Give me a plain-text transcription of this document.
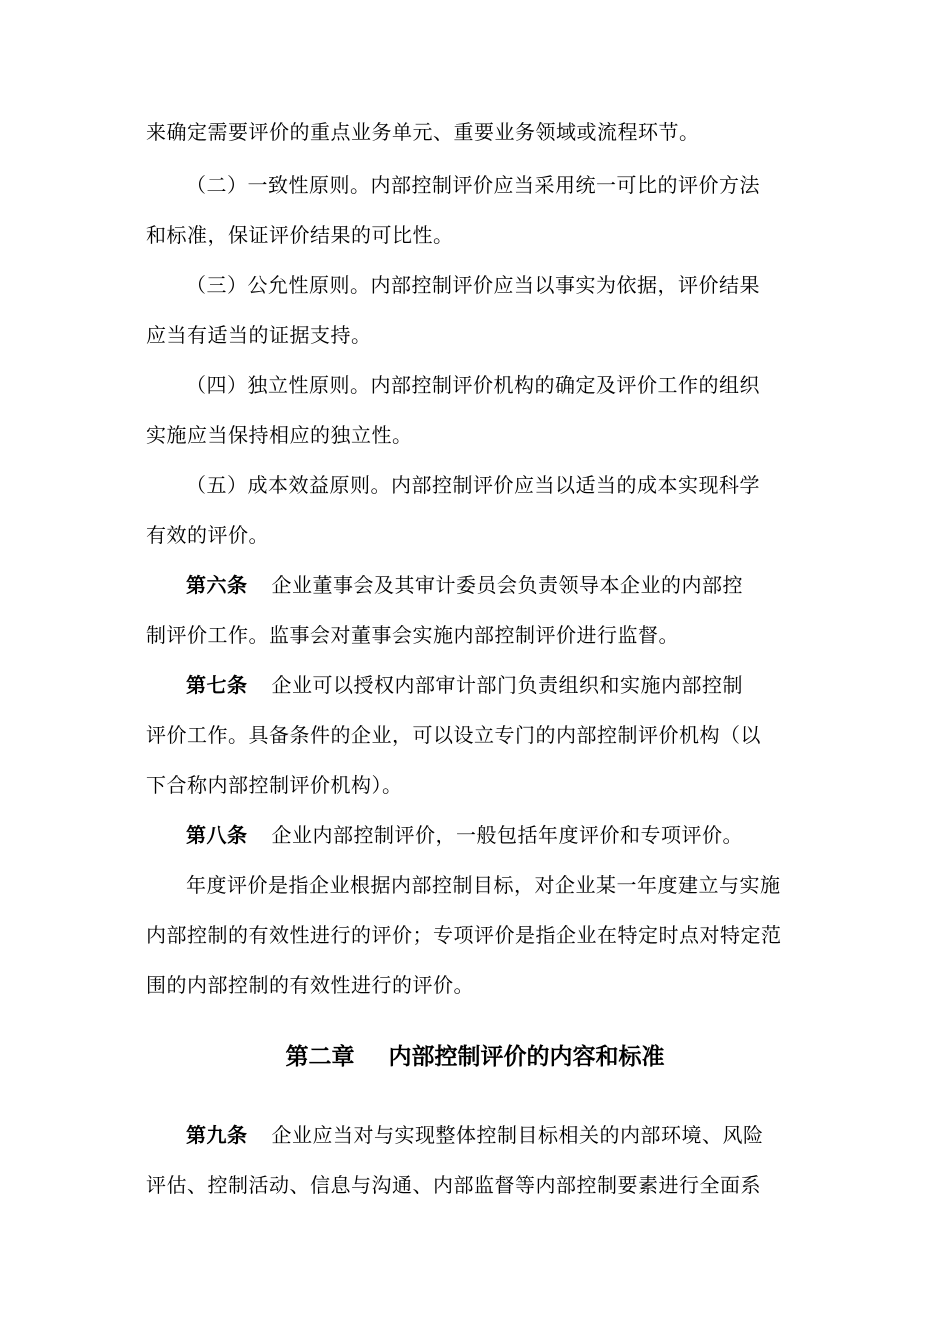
来确定需要评价的重点业务单元、重要业务领域或流程环节。
（二）一致性原则。内部控制评价应当采用统一可比的评价方法
和标准，保证评价结果的可比性。
（三）公允性原则。内部控制评价应当以事实为依据，评价结果
应当有适当的证据支持。
（四）独立性原则。内部控制评价机构的确定及评价工作的组织
实施应当保持相应的独立性。
（五）成本效益原则。内部控制评价应当以适当的成本实现科学
有效的评价。
第六条 企业董事会及其审计委员会负责领导本企业的内部控
制评价工作。监事会对董事会实施内部控制评价进行监督。
第七条 企业可以授权内部审计部门负责组织和实施内部控制
评价工作。具备条件的企业，可以设立专门的内部控制评价机构（以
下合称内部控制评价机构）。
第八条 企业内部控制评价，一般包括年度评价和专项评价。
年度评价是指企业根据内部控制目标，对企业某一年度建立与实施
内部控制的有效性进行的评价；专项评价是指企业在特定时点对特定范
围的内部控制的有效性进行的评价。
第二章 内部控制评价的内容和标准
第九条 企业应当对与实现整体控制目标相关的内部环境、风险
评估、控制活动、信息与沟通、内部监督等内部控制要素进行全面系
